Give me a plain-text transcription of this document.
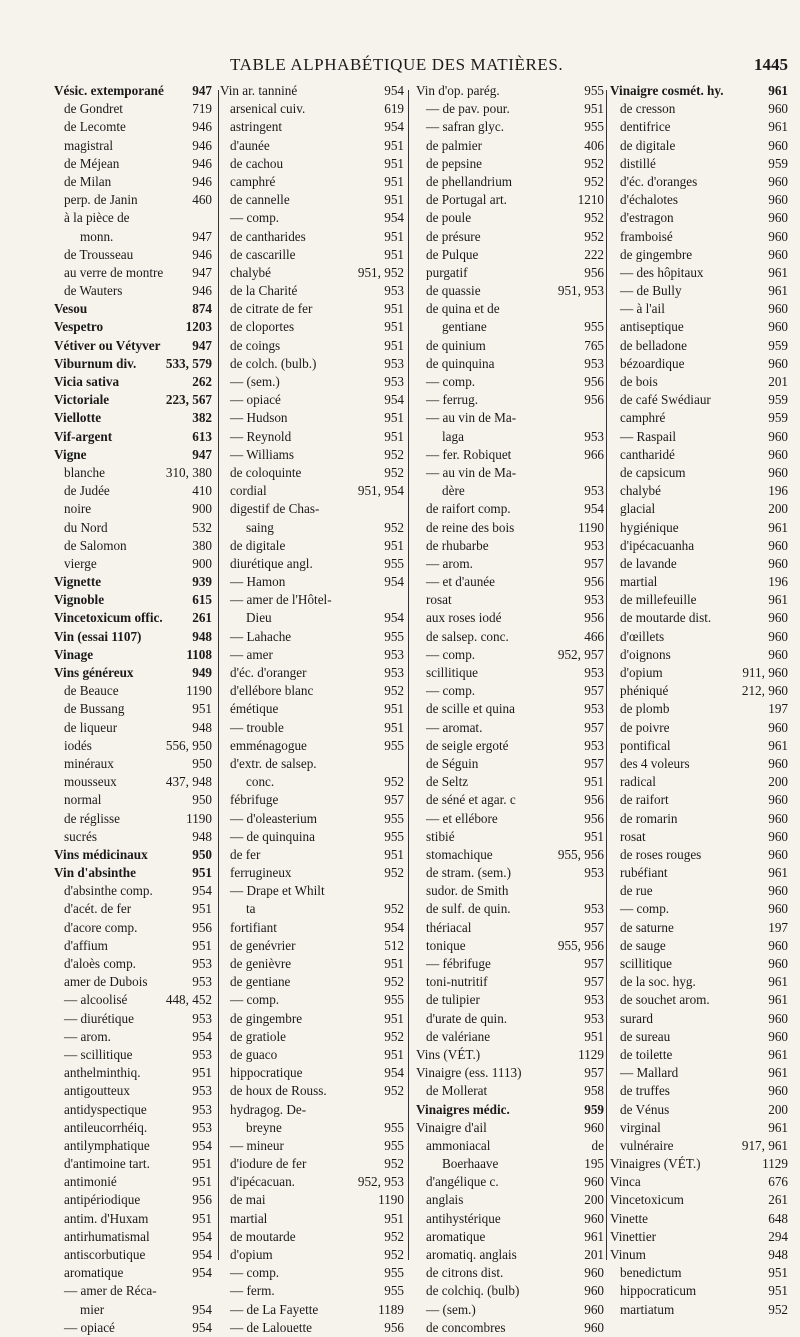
TABLE ALPHABÉTIQUE DES MATIÈRES.	1445
Vésic. extemporané 947
de Gondret	719
de Lecomte	946
magistral	946
de Méjean	946
de Milan	946
perp. de Janin	460
à la pièce de
monn.	947
de Trousseau	946
au verre de montre 947
de Wauters	946
Vesou	874
Vespetro	1203
Vétiver ou Vétyver 947
Viburnum div. 533, 579
Vicia sativa	262
Victoriale	223, 567
Viellotte	382
Vif-argent	613
Vigne	947
blanche	310, 380
de Judée	410
noire	900
du Nord	532
de Salomon	380
vierge	900
Vignette	939
Vignoble	615
Vincetoxicum offic. 261
Vin (essai 1107)	948
Vinage	1108
Vins généreux	949
de Beauce	1190
de Bussang	951
de liqueur	948
iodés	556, 950
minéraux	950
mousseux	437, 948
normal	950
de réglisse	1190
sucrés	948
Vins médicinaux	950
Vin d'absinthe	951
d'absinthe comp.	954
d'acét. de fer	951
d'acore comp.	956
d'affium	951
d'aloès comp.	953
amer de Dubois	953
— alcoolisé	448, 452
— diurétique	953
— arom.	954
— scillitique	953
anthelminthiq.	951
antigoutteux	953
antidyspectique	953
antileucorrhéiq.	953
antilymphatique	954
d'antimoine tart.	951
antimonié	951
antipériodique	956
antim. d'Huxam	951
antirhumatismal	954
antiscorbutique	954
aromatique	954
— amer de Réca-
mier	954
— opiacé	954
Vin ar. tanniné	954
arsenical cuiv.	619
astringent	954
d'aunée	951
de cachou	951
camphré	951
de cannelle	951
— comp.	954
de cantharides	951
de cascarille	951
chalybé	951, 952
de la Charité	953
de citrate de fer	951
de cloportes	951
de coings	951
de colch. (bulb.)	953
— (sem.)	953
— opiacé	954
— Hudson	951
— Reynold	951
— Williams	952
de coloquinte	952
cordial	951, 954
digestif de Chas-
saing	952
de digitale	951
diurétique angl.	955
— Hamon	954
— amer de l'Hôtel-
Dieu	954
— Lahache	955
— amer	953
d'éc. d'oranger	953
d'ellébore blanc	952
émétique	951
— trouble	951
emménagogue	955
d'extr. de salsep.
conc.	952
fébrifuge	957
— d'oleasterium	955
— de quinquina	955
de fer	951
ferrugineux	952
— Drape et Whilt
ta	952
fortifiant	954
de genévrier	512
de genièvre	951
de gentiane	952
— comp.	955
de gingembre	951
de gratiole	952
de guaco	951
hippocratique	954
de houx de Rouss.	952
hydragog. De-
breyne	955
— mineur	955
d'iodure de fer	952
d'ipécacuan.	952, 953
de mai	1190
martial	951
de moutarde	952
d'opium	952
— comp.	955
— ferm.	955
— de La Fayette	1189
— de Lalouette	956
Vin d'op. parég.	955
— de pav. pour.	951
— safran glyc.	955
de palmier	406
de pepsine	952
de phellandrium	952
de Portugal art.	1210
de poule	952
de présure	952
de Pulque	222
purgatif	956
de quassie	951, 953
de quina et de
gentiane	955
de quinium	765
de quinquina	953
— comp.	956
— ferrug.	956
— au vin de Ma-
laga	953
— fer. Robiquet	966
— au vin de Ma-
dère	953
de raifort comp.	954
de reine des bois	1190
de rhubarbe	953
— arom.	957
— et d'aunée	956
rosat	953
aux roses iodé	956
de salsep. conc.	466
— comp.	952, 957
scillitique	953
— comp.	957
de scille et quina	953
— aromat.	957
de seigle ergoté	953
de Séguin	957
de Seltz	951
de séné et agar. c	956
— et ellébore	956
stibié	951
stomachique	955, 956
de stram. (sem.)	953
sudor. de Smith
de sulf. de quin.	953
thériacal	957
tonique	955, 956
— fébrifuge	957
toni-nutritif	957
de tulipier	953
d'urate de quin.	953
de valériane	951
Vins (VÉT.)	1129
Vinaigre (ess. 1113)	957
de Mollerat	958
Vinaigres médic.	959
Vinaigre d'ail	960
ammoniacal	de
Boerhaave	195
d'angélique c.	960
anglais	200
antihystérique	960
aromatique	961
aromatiq. anglais	201
de citrons dist.	960
de colchiq. (bulb)	960
— (sem.)	960
de concombres	960
Vinaigre cosmét. hy.	961
de cresson	960
dentifrice	961
de digitale	960
distillé	959
d'éc. d'oranges	960
d'échalotes	960
d'estragon	960
framboisé	960
de gingembre	960
— des hôpitaux	961
— de Bully	961
— à l'ail	960
antiseptique	960
de belladone	959
bézoardique	960
de bois	201
de café Swédiaur	959
camphré	959
— Raspail	960
cantharidé	960
de capsicum	960
chalybé	196
glacial	200
hygiénique	961
d'ipécacuanha	960
de lavande	960
martial	196
de millefeuille	961
de moutarde dist.	960
d'œillets	960
d'oignons	960
d'opium	911, 960
phéniqué	212, 960
de plomb	197
de poivre	960
pontifical	961
des 4 voleurs	960
radical	200
de raifort	960
de romarin	960
rosat	960
de roses rouges	960
rubéfiant	961
de rue	960
— comp.	960
de saturne	197
de sauge	960
scillitique	960
de la soc. hyg.	961
de souchet arom.	961
surard	960
de sureau	960
de toilette	961
— Mallard	961
de truffes	960
de Vénus	200
virginal	961
vulnéraire	917, 961
Vinaigres (VÉT.)	1129
Vinca	676
Vincetoxicum	261
Vinette	648
Vinettier	294
Vinum	948
benedictum	951
hippocraticum	951
martiatum	952
